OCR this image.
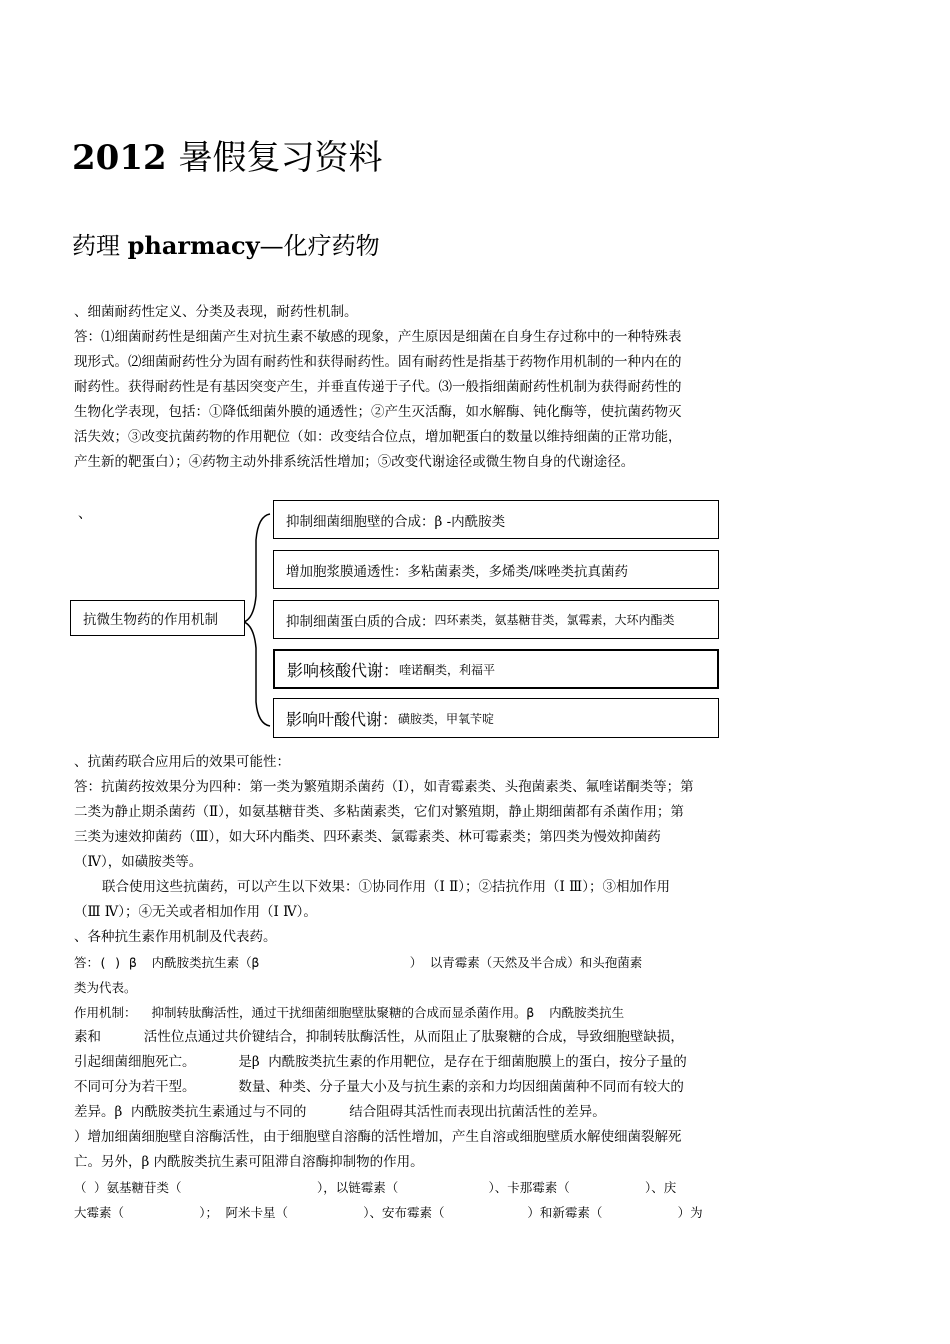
2012 暑假复习资料
药理 pharmacy—化疗药物
、细菌耐药性定义、分类及表现，耐药性机制。
答：⑴细菌耐药性是细菌产生对抗生素不敏感的现象，产生原因是细菌在自身生存过称中的一种特殊表现形式。⑵细菌耐药性分为固有耐药性和获得耐药性。固有耐药性是指基于药物作用机制的一种内在的耐药性。获得耐药性是有基因突变产生，并垂直传递于子代。⑶一般指细菌耐药性机制为获得耐药性的生物化学表现，包括：①降低细菌外膜的通透性；②产生灭活酶，如水解酶、钝化酶等，使抗菌药物灭活失效；③改变抗菌药物的作用靶位（如：改变结合位点，增加靶蛋白的数量以维持细菌的正常功能，产生新的靶蛋白）；④药物主动外排系统活性增加；⑤改变代谢途径或微生物自身的代谢途径。
、
抗微生物药的作用机制
抑制细菌细胞壁的合成：β -内酰胺类
增加胞浆膜通透性：多粘菌素类，多烯类/咪唑类抗真菌药
抑制细菌蛋白质的合成： 四环素类，氨基糖苷类，氯霉素，大环内酯类
影响核酸代谢： 喹诺酮类，利福平
影响叶酸代谢： 磺胺类，甲氧苄啶
、抗菌药联合应用后的效果可能性：
答：抗菌药按效果分为四种：第一类为繁殖期杀菌药（Ⅰ），如青霉素类、头孢菌素类、氟喹诺酮类等；第二类为静止期杀菌药（Ⅱ），如氨基糖苷类、多粘菌素类，它们对繁殖期，静止期细菌都有杀菌作用；第三类为速效抑菌药（Ⅲ），如大环内酯类、四环素类、氯霉素类、林可霉素类；第四类为慢效抑菌药（Ⅳ），如磺胺类等。
联合使用这些抗菌药，可以产生以下效果：①协同作用（Ⅰ Ⅱ）；②拮抗作用（Ⅰ Ⅲ）；③相加作用（Ⅲ Ⅳ）；④无关或者相加作用（Ⅰ Ⅳ）。
、各种抗生素作用机制及代表药。
答：( ) β  内酰胺类抗生素（β                    ） 以青霉素（天然及半合成）和头孢菌素
类为代表。
作用机制：  抑制转肽酶活性，通过干扰细菌细胞壁肽聚糖的合成而显杀菌作用。β  内酰胺类抗生
素和          活性位点通过共价键结合，抑制转肽酶活性，从而阻止了肽聚糖的合成，导致细胞壁缺损，引起细菌细胞死亡。          是β  内酰胺类抗生素的作用靶位，是存在于细菌胞膜上的蛋白，按分子量的不同可分为若干型。          数量、种类、分子量大小及与抗生素的亲和力均因细菌菌种不同而有较大的差异。β  内酰胺类抗生素通过与不同的          结合阻碍其活性而表现出抗菌活性的差异。
）增加细菌细胞壁自溶酶活性，由于细胞壁自溶酶的活性增加，产生自溶或细胞壁质水解使细菌裂解死亡。另外，β 内酰胺类抗生素可阻滞自溶酶抑制物的作用。
（ ）氨基糖苷类（                  ），以链霉素（            ）、卡那霉素（          ）、庆
大霉素（          ）； 阿米卡星（          ）、安布霉素（           ）和新霉素（          ）为
